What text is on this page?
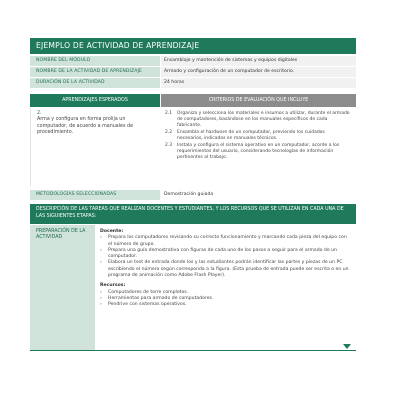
EJEMPLO DE ACTIVIDAD DE APRENDIZAJE
NOMBRE DEL MÓDULO	Ensamblaje y mantención de sistemas y equipos digitales
NOMBRE DE LA ACTIVIDAD DE APRENDIZAJE	Armado y configuración de un computador de escritorio.
DURACIÓN DE LA ACTIVIDAD	24 horas
APRENDIZAJES ESPERADOS	CRITERIOS DE EVALUACIÓN QUE INCLUYE
2.
Arma y configura en forma prolija un computador, de acuerdo a manuales de procedimiento.
2.1	Organiza y selecciona los materiales e insumos a utilizar, durante el armado de computadores, basándose en los manuales específicos de cada fabricante.
2.2	Ensambla el hardware de un computador, previendo los cuidados necesarios, indicados en manuales técnicos.
2.3	Instala y configura el sistema operativo en un computador, acorde a los requerimientos del usuario, considerando tecnologías de información pertinentes al trabajo.
METODOLOGÍAS SELECCIONADAS	Demostración guiada
DESCRIPCIÓN DE LAS TAREAS QUE REALIZAN DOCENTES Y ESTUDIANTES, Y LOS RECURSOS QUE SE UTILIZAN EN CADA UNA DE LAS SIGUIENTES ETAPAS:
PREPARACIÓN DE LA ACTIVIDAD
Docente:
›	Prepara los computadores revisando su correcto funcionamiento y marcando cada pieza del equipo con el número de grupo.
›	Prepara una guía demostrativa con figuras de cada uno de los pasos a seguir para el armado de un computador.
›	Elabora un test de entrada donde los y las estudiantes podrán identificar las partes y piezas de un PC escribiendo el número según corresponda a la figura. (Esta prueba de entrada puede ser escrita o en un programa de animación como Adobe Flash Player).
Recursos:
›	Computadores de torre completos.
›	Herramientas para armado de computadores.
›	Pendrive con sistemas operativos.
